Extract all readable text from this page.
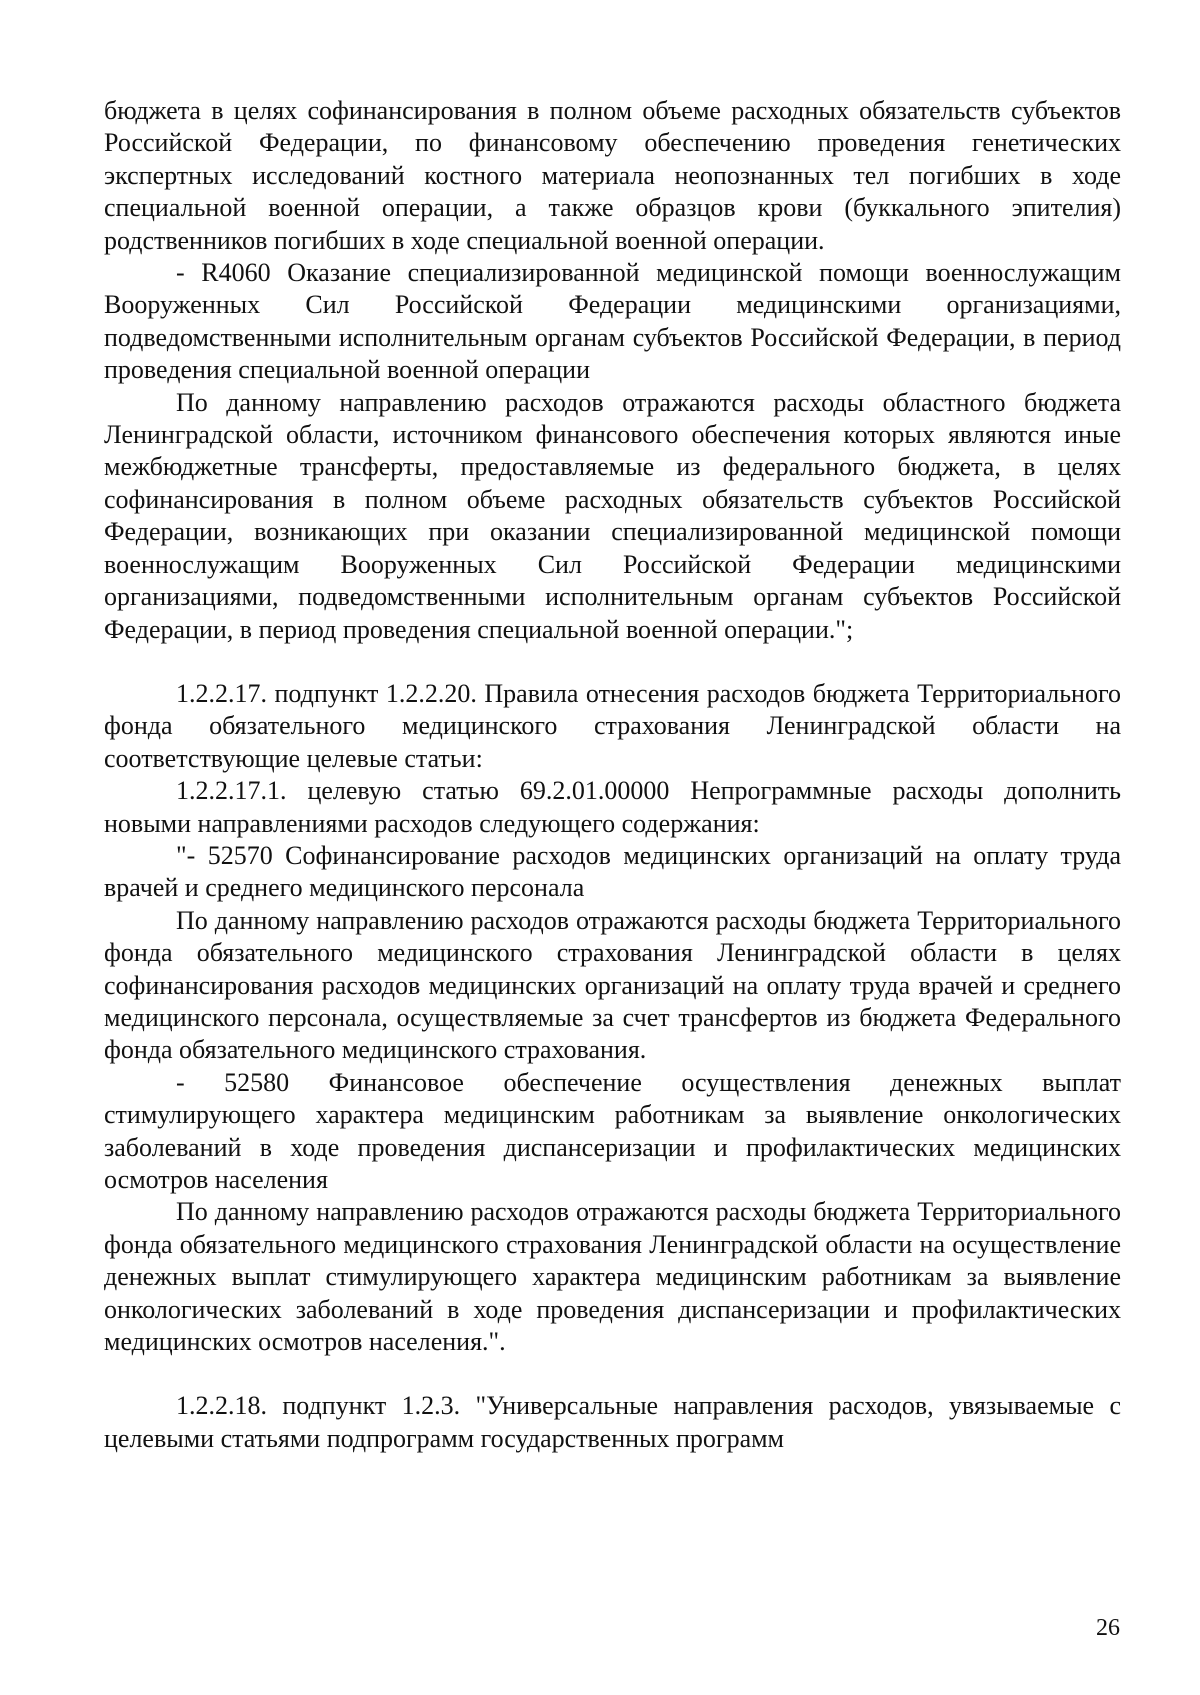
бюджета в целях софинансирования в полном объеме расходных обязательств субъектов Российской Федерации, по финансовому обеспечению проведения генетических экспертных исследований костного материала неопознанных тел погибших в ходе специальной военной операции, а также образцов крови (буккального эпителия) родственников погибших в ходе специальной военной операции.

- R4060 Оказание специализированной медицинской помощи военнослужащим Вооруженных Сил Российской Федерации медицинскими организациями, подведомственными исполнительным органам субъектов Российской Федерации, в период проведения специальной военной операции

По данному направлению расходов отражаются расходы областного бюджета Ленинградской области, источником финансового обеспечения которых являются иные межбюджетные трансферты, предоставляемые из федерального бюджета, в целях софинансирования в полном объеме расходных обязательств субъектов Российской Федерации, возникающих при оказании специализированной медицинской помощи военнослужащим Вооруженных Сил Российской Федерации медицинскими организациями, подведомственными исполнительным органам субъектов Российской Федерации, в период проведения специальной военной операции.";

1.2.2.17. подпункт 1.2.2.20. Правила отнесения расходов бюджета Территориального фонда обязательного медицинского страхования Ленинградской области на соответствующие целевые статьи:

1.2.2.17.1. целевую статью 69.2.01.00000 Непрограммные расходы дополнить новыми направлениями расходов следующего содержания:

"- 52570 Софинансирование расходов медицинских организаций на оплату труда врачей и среднего медицинского персонала

По данному направлению расходов отражаются расходы бюджета Территориального фонда обязательного медицинского страхования Ленинградской области в целях софинансирования расходов медицинских организаций на оплату труда врачей и среднего медицинского персонала, осуществляемые за счет трансфертов из бюджета Федерального фонда обязательного медицинского страхования.

- 52580 Финансовое обеспечение осуществления денежных выплат стимулирующего характера медицинским работникам за выявление онкологических заболеваний в ходе проведения диспансеризации и профилактических медицинских осмотров населения

По данному направлению расходов отражаются расходы бюджета Территориального фонда обязательного медицинского страхования Ленинградской области на осуществление денежных выплат стимулирующего характера медицинским работникам за выявление онкологических заболеваний в ходе проведения диспансеризации и профилактических медицинских осмотров населения.".

1.2.2.18. подпункт 1.2.3. "Универсальные направления расходов, увязываемые с целевыми статьями подпрограмм государственных программ

26
